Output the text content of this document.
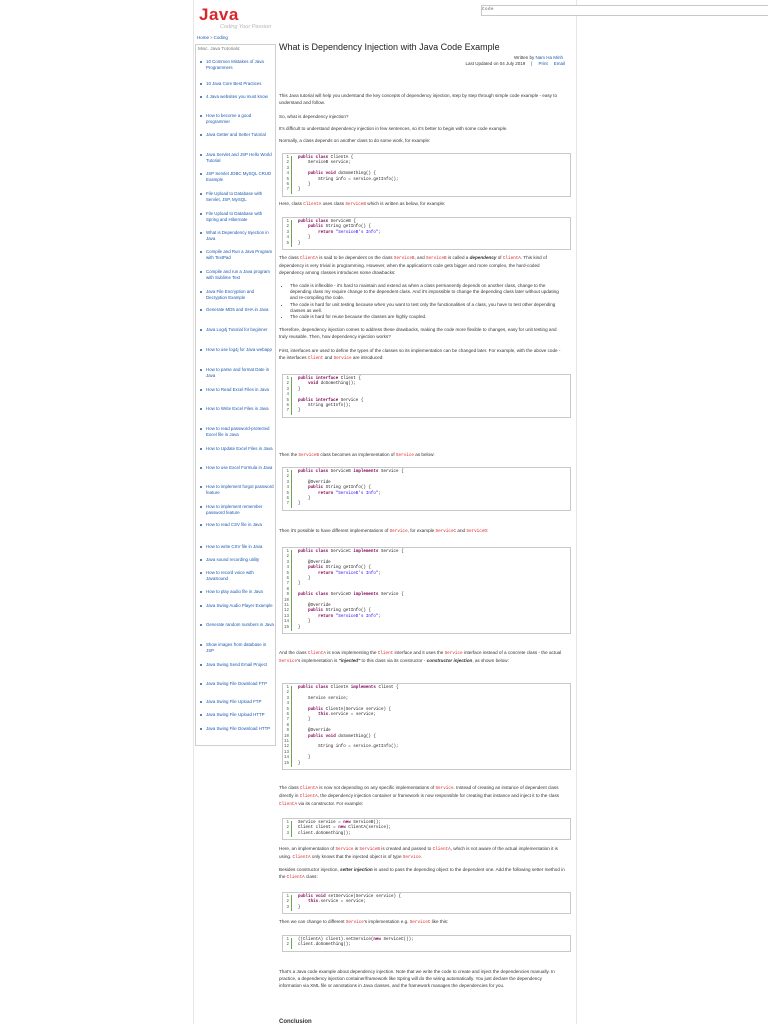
Code
Java
Coding Your Passion
Home>Coding
Misc. Java Tutorials:
10 Common Mistakes of Java Programmers
10 Java Core Best Practices
4 Java websites you must know
How to become a good programmer
Java Getter and Setter Tutorial
Java Servlet and JSP Hello World Tutorial
JSP Servlet JDBC MySQL CRUD Example
File Upload to Database with Servlet, JSP, MySQL
File Upload to Database with Spring and Hibernate
What is Dependency Injection in Java
Compile and Run a Java Program with TextPad
Compile and run a Java program with Sublime Text
Java File Encryption and Decryption Example
Generate MD5 and SHA in Java
Java Log4j Tutorial for beginner
How to use log4j for Java webapp
How to parse and format Date in Java
How to Read Excel Files in Java
How to Write Excel Files in Java
How to read password-protected Excel file in Java
How to Update Excel Files in Java
How to use Excel Formula in Java
How to implement forgot password feature
How to implement remember password feature
How to read CSV file in Java
How to write CSV file in Java
Java sound recording utility
How to record voice with JavaSound
How to play audio file in Java
Java Swing Audio Player Example
Generate random numbers in Java
Show images from database in JSP
Java Swing Send Email Project
Java Swing File Download FTP
Java Swing File Upload FTP
Java Swing File Upload HTTP
Java Swing File Download HTTP
What is Dependency Injection with Java Code Example
Written by Nam Ha Minh
Last Updated on 04 July 2019 | Print Email
This Java tutorial will help you understand the key concepts of dependency injection, step by step through simple code example - easy to understand and follow.
So, what is dependency injection?
It's difficult to understand dependency injection in few sentences, so it's better to begin with some code example.
Normally, a class depends on another class to do some work, for example:
1 public class ClientA {
2    ServiceB service;
3
4	public void doSomething() {
5        String info = service.getInfo();
6    }
7 }
Here, class ClientA uses class ServiceB which is written as below, for example:
1 public class ServiceB {
2	public String getInfo() {
3	return "ServiceB's Info";
4    }
5 }
The class ClientA is said to be dependent on the class ServiceB, and ServiceB is called a dependency of ClientA. This kind of dependency is very trivial in programming. However, when the application's code gets bigger and more complex, the hard-coded dependency among classes introduces some drawbacks:
• The code is inflexible - it's hard to maintain and extend as when a class permanently depends on another class, change to the depending class my require change to the dependent class. And it's impossible to change the depending class later without updating and re-compiling the code.
• The code is hard for unit testing because when you want to test only the functionalities of a class, you have to test other depending classes as well.
• The code is hard for reuse because the classes are highly coupled.
Therefore, dependency injection comes to address these drawbacks, making the code more flexible to changes, easy for unit testing and truly reusable. Then, how dependency injection works?
First, interfaces are used to define the types of the classes so its implementation can be changed later. For example, with the above code - the interfaces Client and Service are introduced:
1 public interface Client {
2	void doSomething();
3 }
4
5 public interface Service {
6    String getInfo();
7 }
Then the ServiceB class becomes an implementation of Service as below:
1 public class ServiceB implements Service {
2
3    @Override
4	public String getInfo() {
5	return "ServiceB's Info";
6    }
7 }
Then it's possible to have different implementations of Service, for example ServiceC and ServiceD:
1 public class ServiceC implements Service {
2
3    @Override
4	public String getInfo() {
5	return "ServiceC's Info";
6    }
7 }
8
9 public class ServiceD implements Service {
10
11    @Override
12	public String getInfo() {
13	return "ServiceD's Info";
14    }
15 }
And the class ClientA is now implementing the Client interface and it uses the Service interface instead of a concrete class - the actual Service's implementation is "injected" to this class via its constructor - constructor injection, as shown below:
1 public class ClientA implements Client {
2
3    Service service;
4
5	public ClientA(Service service) {
6	this.service = service;
7    }
8
9    @Override
10	public void doSomething() {
11
12        String info = service.getInfo();
13
14    }
15 }
The class ClientA is now not depending on any specific implementations of Service. Instead of creating an instance of dependent class directly in ClientA, the dependency injection container or framework is now responsible for creating that instance and inject it to the class ClientA via its constructor. For example:
1 Service service = new ServiceB();
2 Client client = new ClientA(service);
3 client.doSomething();
Here, an implementation of Service is ServiceB is created and passed to ClientA, which is not aware of the actual implementation it is using. ClientA only knows that the injected object is of type Service.
Besides constructor injection, setter injection is used to pass the depending object to the dependent one. Add the following setter method in the ClientA class:
1 public void setService(Service service) {
2	this.service = service;
3 }
Then we can change to different Service's implementation e.g. ServiceC like this:
1 ((ClientA) client).setService(new ServiceC());
2 client.doSomething();
That's a Java code example about dependency injection. Note that we write the code to create and inject the dependencies manually. In practice, a dependency injection container/framework like Spring will do the wiring automatically. You just declare the dependency information via XML file or annotations in Java classes, and the framework manages the dependencies for you.
Conclusion
